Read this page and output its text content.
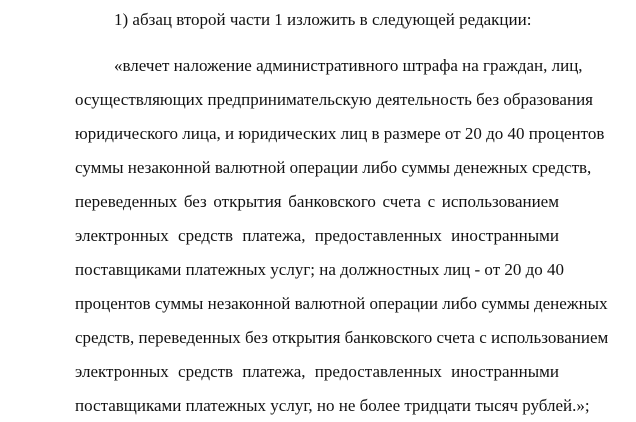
1) абзац второй части 1 изложить в следующей редакции:
«влечет наложение административного штрафа на граждан, лиц,
осуществляющих предпринимательскую деятельность без образования
юридического лица, и юридических лиц в размере от 20 до 40 процентов
суммы незаконной валютной операции либо суммы денежных средств,
переведенных без открытия банковского счета с использованием
электронных средств платежа, предоставленных иностранными
поставщиками платежных услуг; на должностных лиц - от 20 до 40
процентов суммы незаконной валютной операции либо суммы денежных
средств, переведенных без открытия банковского счета с использованием
электронных средств платежа, предоставленных иностранными
поставщиками платежных услуг, но не более тридцати тысяч рублей.»;
